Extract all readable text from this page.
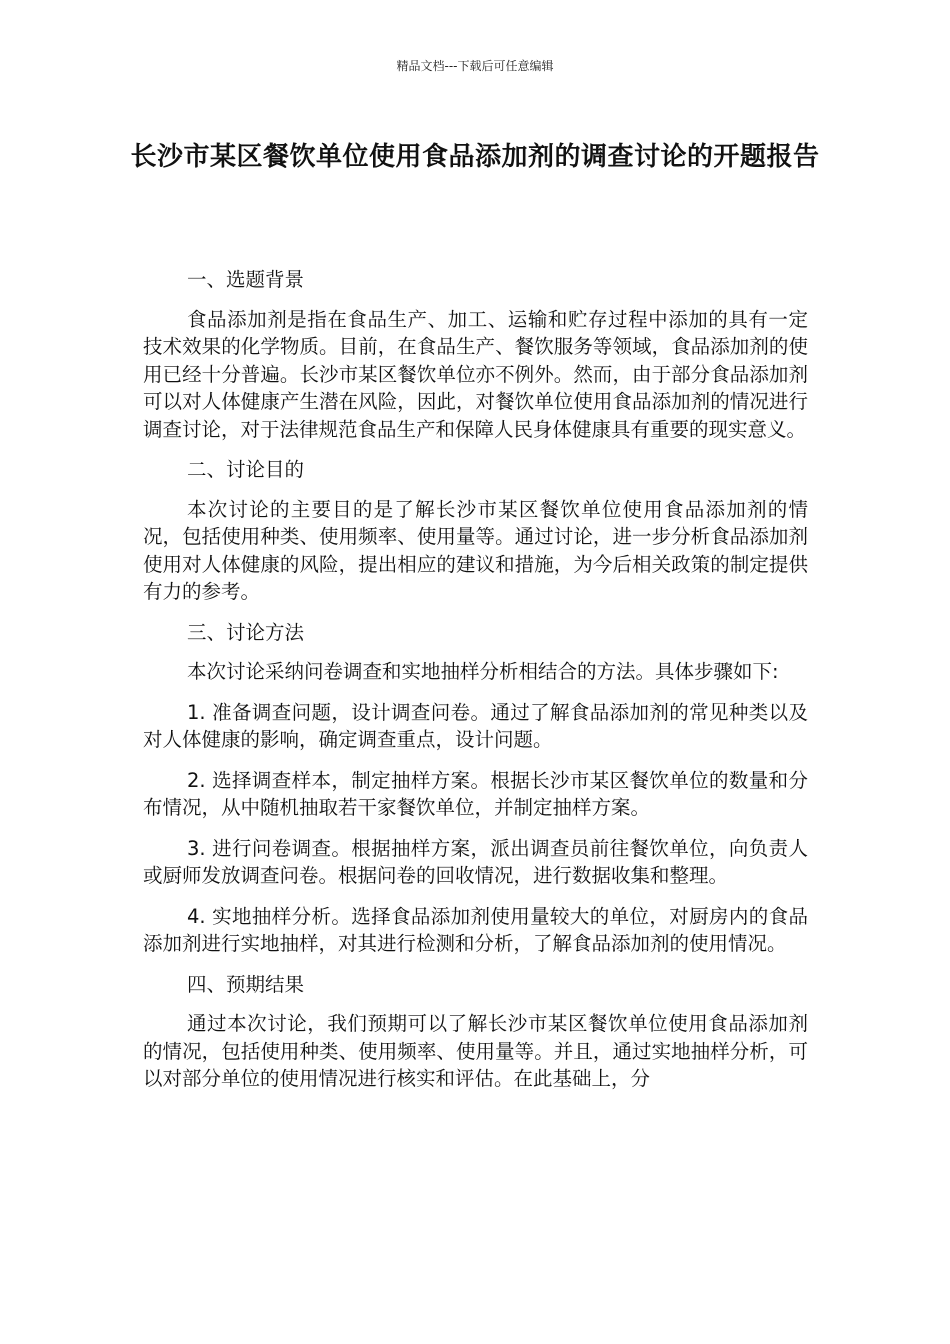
精品文档---下载后可任意编辑
长沙市某区餐饮单位使用食品添加剂的调查讨论的开题报告

一、选题背景

食品添加剂是指在食品生产、加工、运输和贮存过程中添加的具有一定技术效果的化学物质。目前，在食品生产、餐饮服务等领域，食品添加剂的使用已经十分普遍。长沙市某区餐饮单位亦不例外。然而，由于部分食品添加剂可以对人体健康产生潜在风险，因此，对餐饮单位使用食品添加剂的情况进行调查讨论，对于法律规范食品生产和保障人民身体健康具有重要的现实意义。

二、讨论目的

本次讨论的主要目的是了解长沙市某区餐饮单位使用食品添加剂的情况，包括使用种类、使用频率、使用量等。通过讨论，进一步分析食品添加剂使用对人体健康的风险，提出相应的建议和措施，为今后相关政策的制定提供有力的参考。

三、讨论方法

本次讨论采纳问卷调查和实地抽样分析相结合的方法。具体步骤如下:

1. 准备调查问题，设计调查问卷。通过了解食品添加剂的常见种类以及对人体健康的影响，确定调查重点，设计问题。

2. 选择调查样本，制定抽样方案。根据长沙市某区餐饮单位的数量和分布情况，从中随机抽取若干家餐饮单位，并制定抽样方案。

3. 进行问卷调查。根据抽样方案，派出调查员前往餐饮单位，向负责人或厨师发放调查问卷。根据问卷的回收情况，进行数据收集和整理。

4. 实地抽样分析。选择食品添加剂使用量较大的单位，对厨房内的食品添加剂进行实地抽样，对其进行检测和分析，了解食品添加剂的使用情况。

四、预期结果

通过本次讨论，我们预期可以了解长沙市某区餐饮单位使用食品添加剂的情况，包括使用种类、使用频率、使用量等。并且，通过实地抽样分析，可以对部分单位的使用情况进行核实和评估。在此基础上，分
